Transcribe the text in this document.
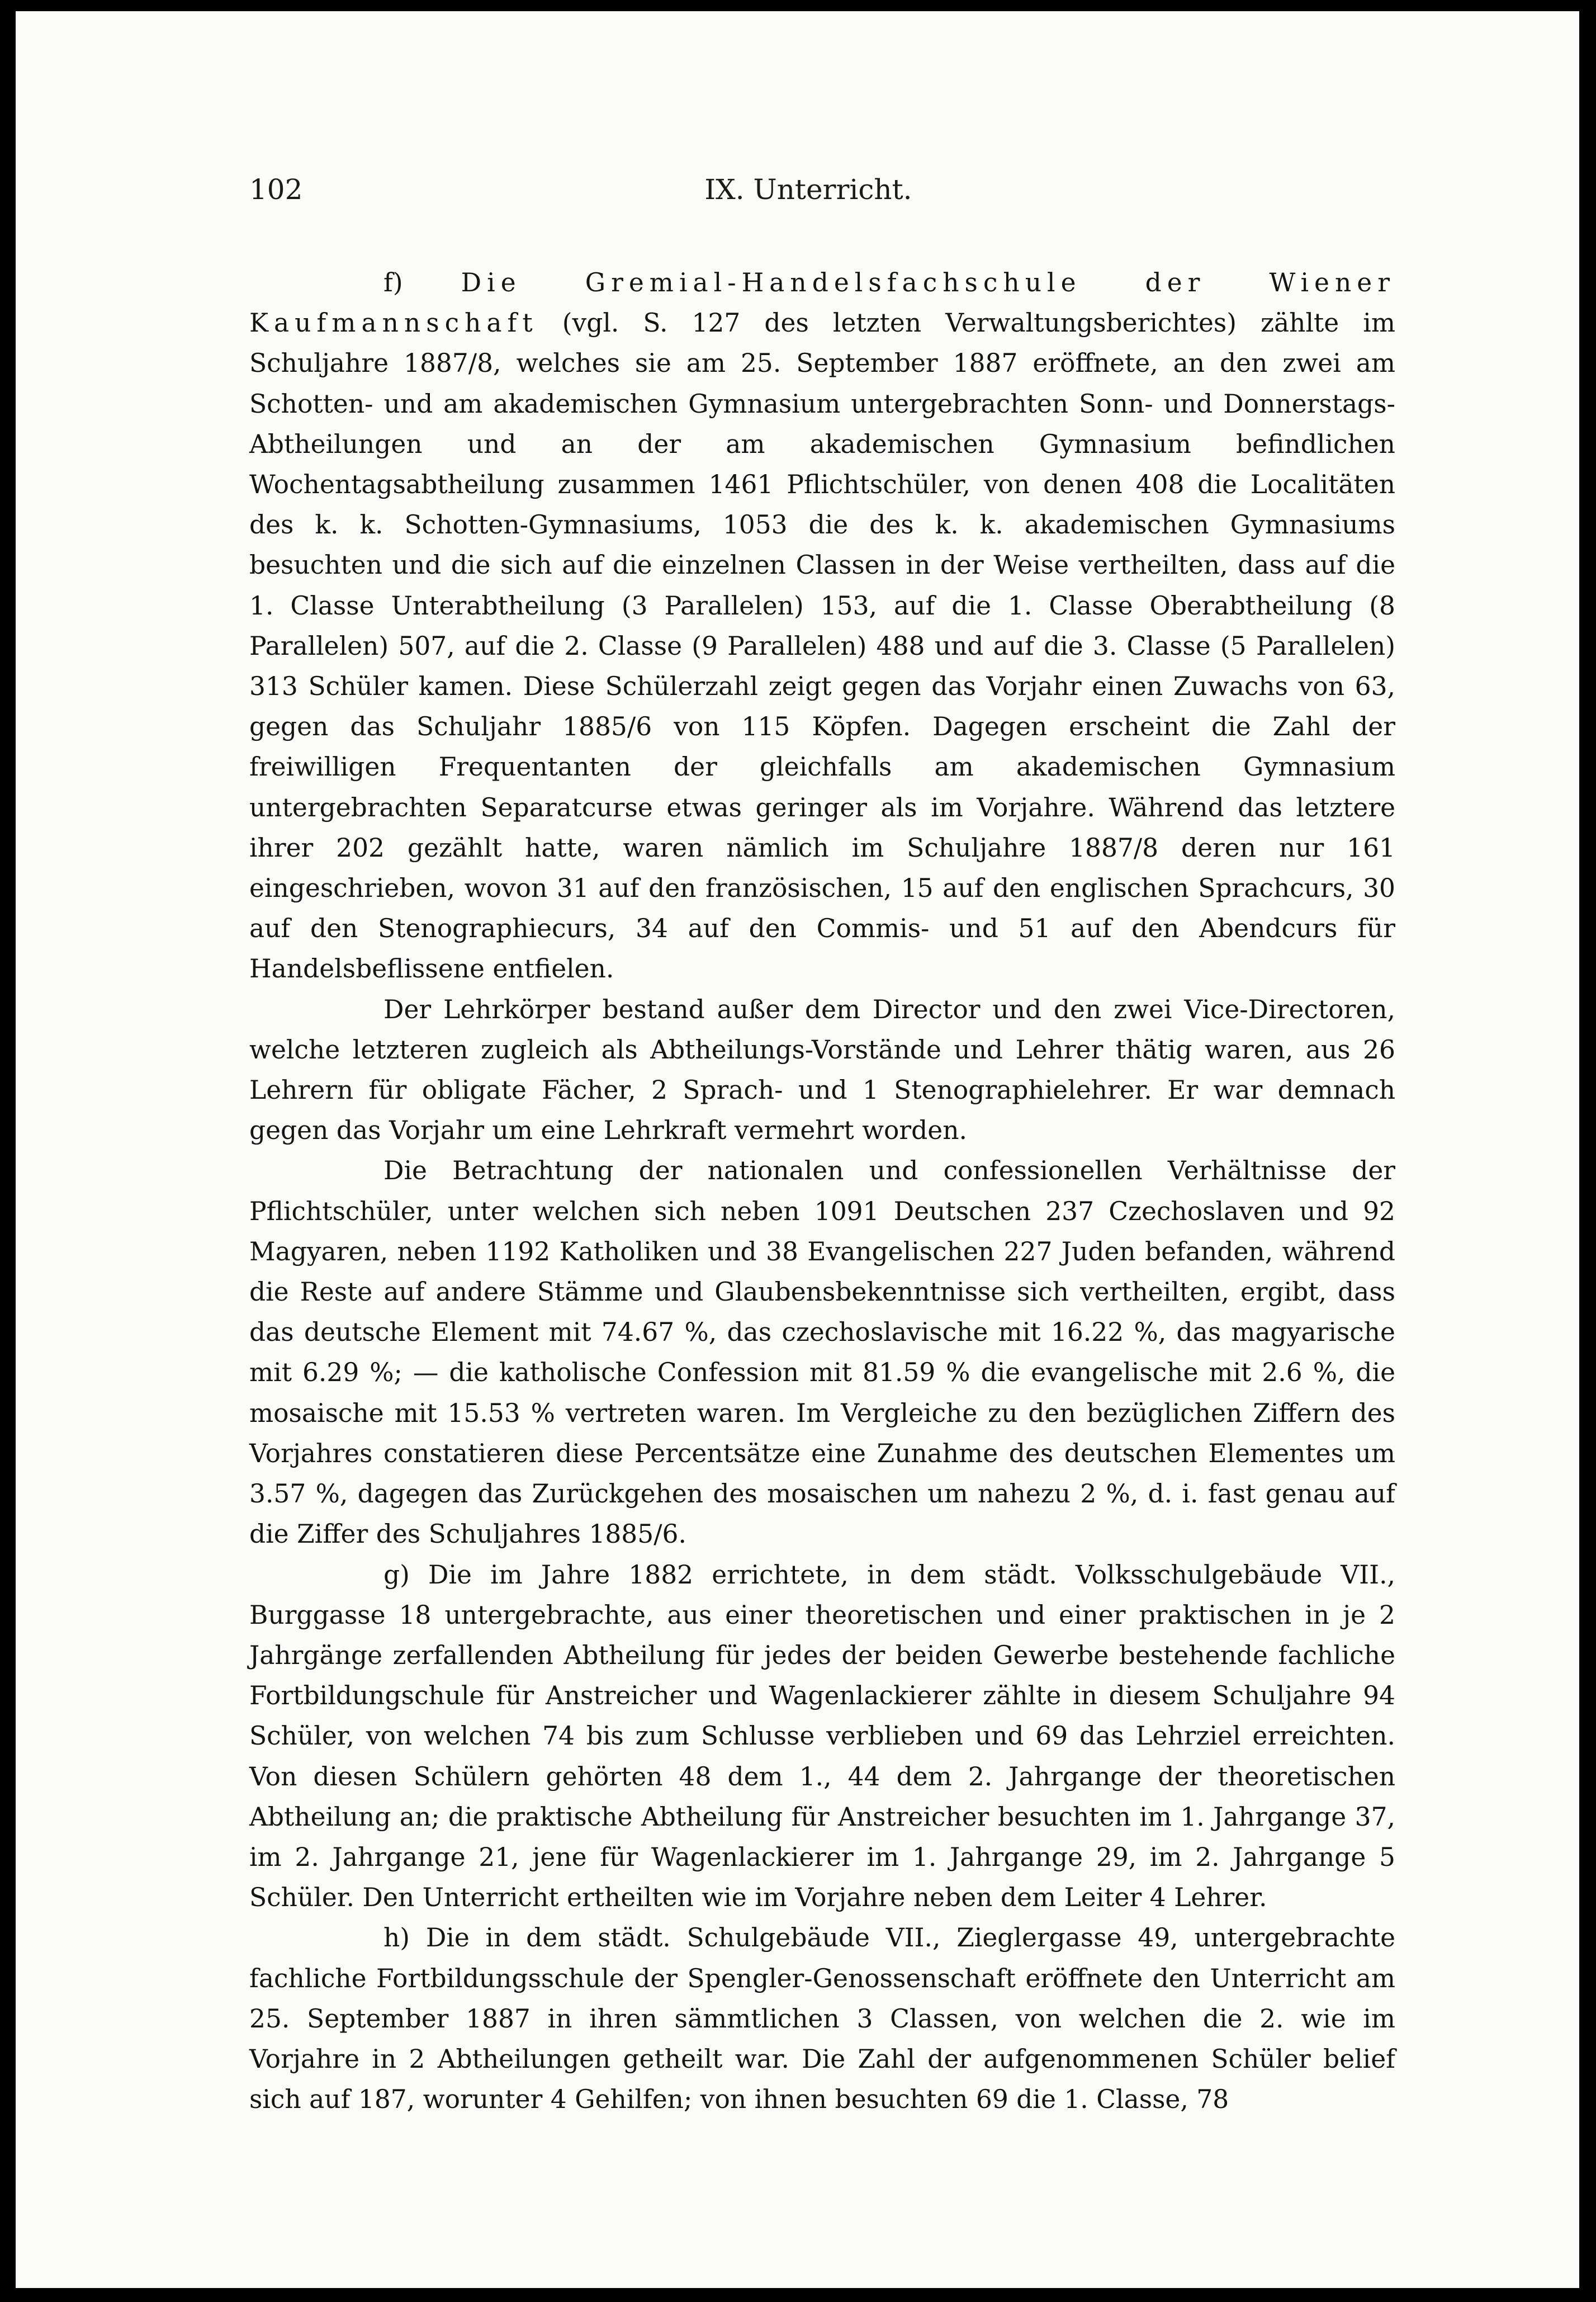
102	IX. Unterricht.

f) Die Gremial-Handelsfachschule der Wiener Kaufmannschaft (vgl. S. 127 des letzten Verwaltungsberichtes) zählte im Schuljahre 1887/8, welches sie am 25. September 1887 eröffnete, an den zwei am Schotten- und am akademischen Gymnasium untergebrachten Sonn- und Donnerstags-Abtheilungen und an der am akademischen Gymnasium befindlichen Wochentagsabtheilung zusammen 1461 Pflichtschüler, von denen 408 die Localitäten des k. k. Schotten-Gymnasiums, 1053 die des k. k. akademischen Gymnasiums besuchten und die sich auf die einzelnen Classen in der Weise vertheilten, dass auf die 1. Classe Unterabtheilung (3 Parallelen) 153, auf die 1. Classe Oberabtheilung (8 Parallelen) 507, auf die 2. Classe (9 Parallelen) 488 und auf die 3. Classe (5 Parallelen) 313 Schüler kamen. Diese Schülerzahl zeigt gegen das Vorjahr einen Zuwachs von 63, gegen das Schuljahr 1885/6 von 115 Köpfen. Dagegen erscheint die Zahl der freiwilligen Frequentanten der gleichfalls am akademischen Gymnasium untergebrachten Separatcurse etwas geringer als im Vorjahre. Während das letztere ihrer 202 gezählt hatte, waren nämlich im Schuljahre 1887/8 deren nur 161 eingeschrieben, wovon 31 auf den französischen, 15 auf den englischen Sprachcurs, 30 auf den Stenographiecurs, 34 auf den Commis- und 51 auf den Abendcurs für Handelsbeflissene entfielen.

Der Lehrkörper bestand außer dem Director und den zwei Vice-Directoren, welche letzteren zugleich als Abtheilungs-Vorstände und Lehrer thätig waren, aus 26 Lehrern für obligate Fächer, 2 Sprach- und 1 Stenographielehrer. Er war demnach gegen das Vorjahr um eine Lehrkraft vermehrt worden.

Die Betrachtung der nationalen und confessionellen Verhältnisse der Pflichtschüler, unter welchen sich neben 1091 Deutschen 237 Czechoslaven und 92 Magyaren, neben 1192 Katholiken und 38 Evangelischen 227 Juden befanden, während die Reste auf andere Stämme und Glaubensbekenntnisse sich vertheilten, ergibt, dass das deutsche Element mit 74.67 %, das czechoslavische mit 16.22 %, das magyarische mit 6.29 %; — die katholische Confession mit 81.59 % die evangelische mit 2.6 %, die mosaische mit 15.53 % vertreten waren. Im Vergleiche zu den bezüglichen Ziffern des Vorjahres constatieren diese Percentsätze eine Zunahme des deutschen Elementes um 3.57 %, dagegen das Zurückgehen des mosaischen um nahezu 2 %, d. i. fast genau auf die Ziffer des Schuljahres 1885/6.

g) Die im Jahre 1882 errichtete, in dem städt. Volksschulgebäude VII., Burggasse 18 untergebrachte, aus einer theoretischen und einer praktischen in je 2 Jahrgänge zerfallenden Abtheilung für jedes der beiden Gewerbe bestehende fachliche Fortbildungschule für Anstreicher und Wagenlackierer zählte in diesem Schuljahre 94 Schüler, von welchen 74 bis zum Schlusse verblieben und 69 das Lehrziel erreichten. Von diesen Schülern gehörten 48 dem 1., 44 dem 2. Jahrgange der theoretischen Abtheilung an; die praktische Abtheilung für Anstreicher besuchten im 1. Jahrgange 37, im 2. Jahrgange 21, jene für Wagenlackierer im 1. Jahrgange 29, im 2. Jahrgange 5 Schüler. Den Unterricht ertheilten wie im Vorjahre neben dem Leiter 4 Lehrer.

h) Die in dem städt. Schulgebäude VII., Zieglergasse 49, untergebrachte fachliche Fortbildungsschule der Spengler-Genossenschaft eröffnete den Unterricht am 25. September 1887 in ihren sämmtlichen 3 Classen, von welchen die 2. wie im Vorjahre in 2 Abtheilungen getheilt war. Die Zahl der aufgenommenen Schüler belief sich auf 187, worunter 4 Gehilfen; von ihnen besuchten 69 die 1. Classe, 78
